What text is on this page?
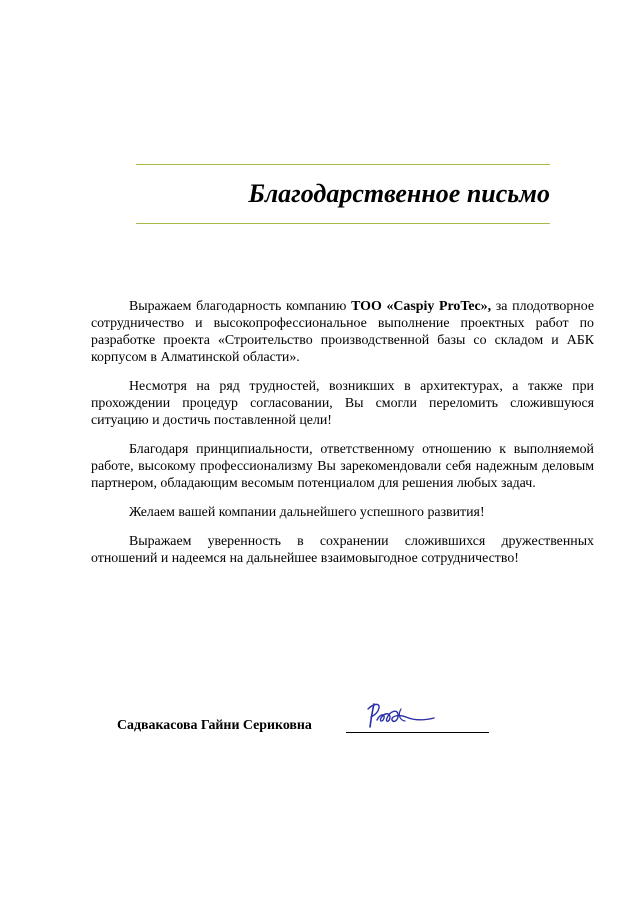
Благодарственное письмо

Выражаем благодарность компанию ТОО «Caspiy ProTec», за плодотворное сотрудничество и высокопрофессиональное выполнение проектных работ по разработке проекта «Строительство производственной базы со складом и АБК корпусом в Алматинской области».

Несмотря на ряд трудностей, возникших в архитектурах, а также при прохождении процедур согласовании, Вы смогли переломить сложившуюся ситуацию и достичь поставленной цели!

Благодаря принципиальности, ответственному отношению к выполняемой работе, высокому профессионализму Вы зарекомендовали себя надежным деловым партнером, обладающим весомым потенциалом для решения любых задач.

Желаем вашей компании дальнейшего успешного развития!

Выражаем уверенность в сохранении сложившихся дружественных отношений и надеемся на дальнейшее взаимовыгодное сотрудничество!

Садвакасова Гайни Сериковна
